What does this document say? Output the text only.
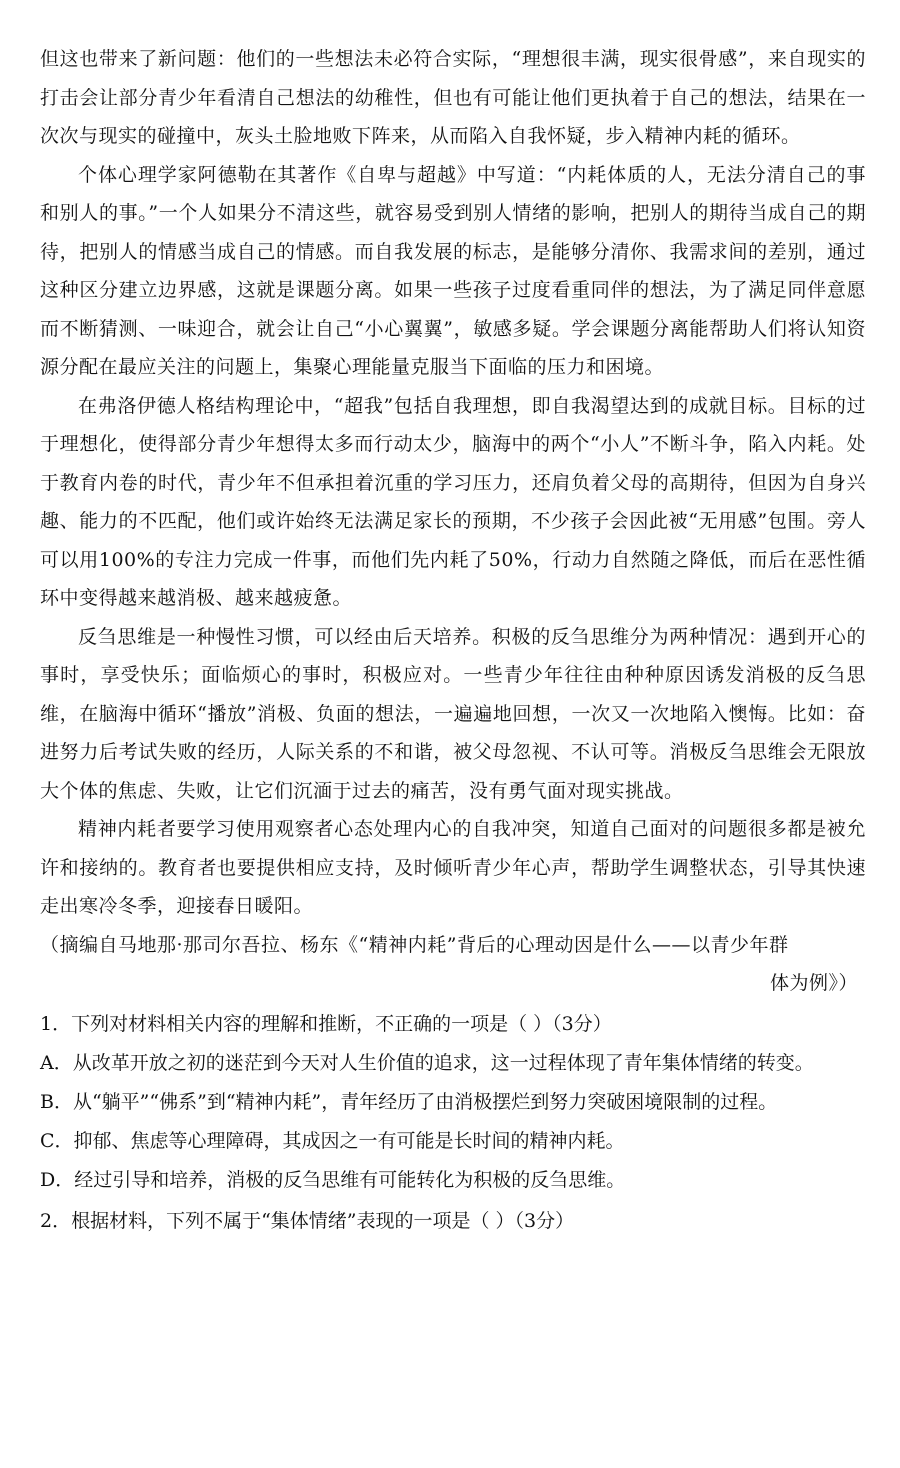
但这也带来了新问题：他们的一些想法未必符合实际，“理想很丰满，现实很骨感”，来自现实的打击会让部分青少年看清自己想法的幼稚性，但也有可能让他们更执着于自己的想法，结果在一次次与现实的碰撞中，灰头土脸地败下阵来，从而陷入自我怀疑，步入精神内耗的循环。

个体心理学家阿德勒在其著作《自卑与超越》中写道：“内耗体质的人，无法分清自己的事和别人的事。”一个人如果分不清这些，就容易受到别人情绪的影响，把别人的期待当成自己的期待，把别人的情感当成自己的情感。而自我发展的标志，是能够分清你、我需求间的差别，通过这种区分建立边界感，这就是课题分离。如果一些孩子过度看重同伴的想法，为了满足同伴意愿而不断猜测、一味迎合，就会让自己“小心翼翼”，敏感多疑。学会课题分离能帮助人们将认知资源分配在最应关注的问题上，集聚心理能量克服当下面临的压力和困境。

在弗洛伊德人格结构理论中，“超我”包括自我理想，即自我渴望达到的成就目标。目标的过于理想化，使得部分青少年想得太多而行动太少，脑海中的两个“小人”不断斗争，陷入内耗。处于教育内卷的时代，青少年不但承担着沉重的学习压力，还肩负着父母的高期待，但因为自身兴趣、能力的不匹配，他们或许始终无法满足家长的预期，不少孩子会因此被“无用感”包围。旁人可以用100%的专注力完成一件事，而他们先内耗了50%，行动力自然随之降低，而后在恶性循环中变得越来越消极、越来越疲惫。

反刍思维是一种慢性习惯，可以经由后天培养。积极的反刍思维分为两种情况：遇到开心的事时，享受快乐；面临烦心的事时，积极应对。一些青少年往往由种种原因诱发消极的反刍思维，在脑海中循环“播放”消极、负面的想法，一遍遍地回想，一次又一次地陷入懊悔。比如：奋进努力后考试失败的经历，人际关系的不和谐，被父母忽视、不认可等。消极反刍思维会无限放大个体的焦虑、失败，让它们沉湎于过去的痛苦，没有勇气面对现实挑战。

精神内耗者要学习使用观察者心态处理内心的自我冲突，知道自己面对的问题很多都是被允许和接纳的。教育者也要提供相应支持，及时倾听青少年心声，帮助学生调整状态，引导其快速走出寒冷冬季，迎接春日暖阳。

（摘编自马地那·那司尔吾拉、杨东《“精神内耗”背后的心理动因是什么——以青少年群
体为例》）

1．下列对材料相关内容的理解和推断，不正确的一项是（ ）（3分）

A．从改革开放之初的迷茫到今天对人生价值的追求，这一过程体现了青年集体情绪的转变。

B．从“躺平”“佛系”到“精神内耗”，青年经历了由消极摆烂到努力突破困境限制的过程。

C．抑郁、焦虑等心理障碍，其成因之一有可能是长时间的精神内耗。

D．经过引导和培养，消极的反刍思维有可能转化为积极的反刍思维。

2．根据材料，下列不属于“集体情绪”表现的一项是（ ）（3分）
